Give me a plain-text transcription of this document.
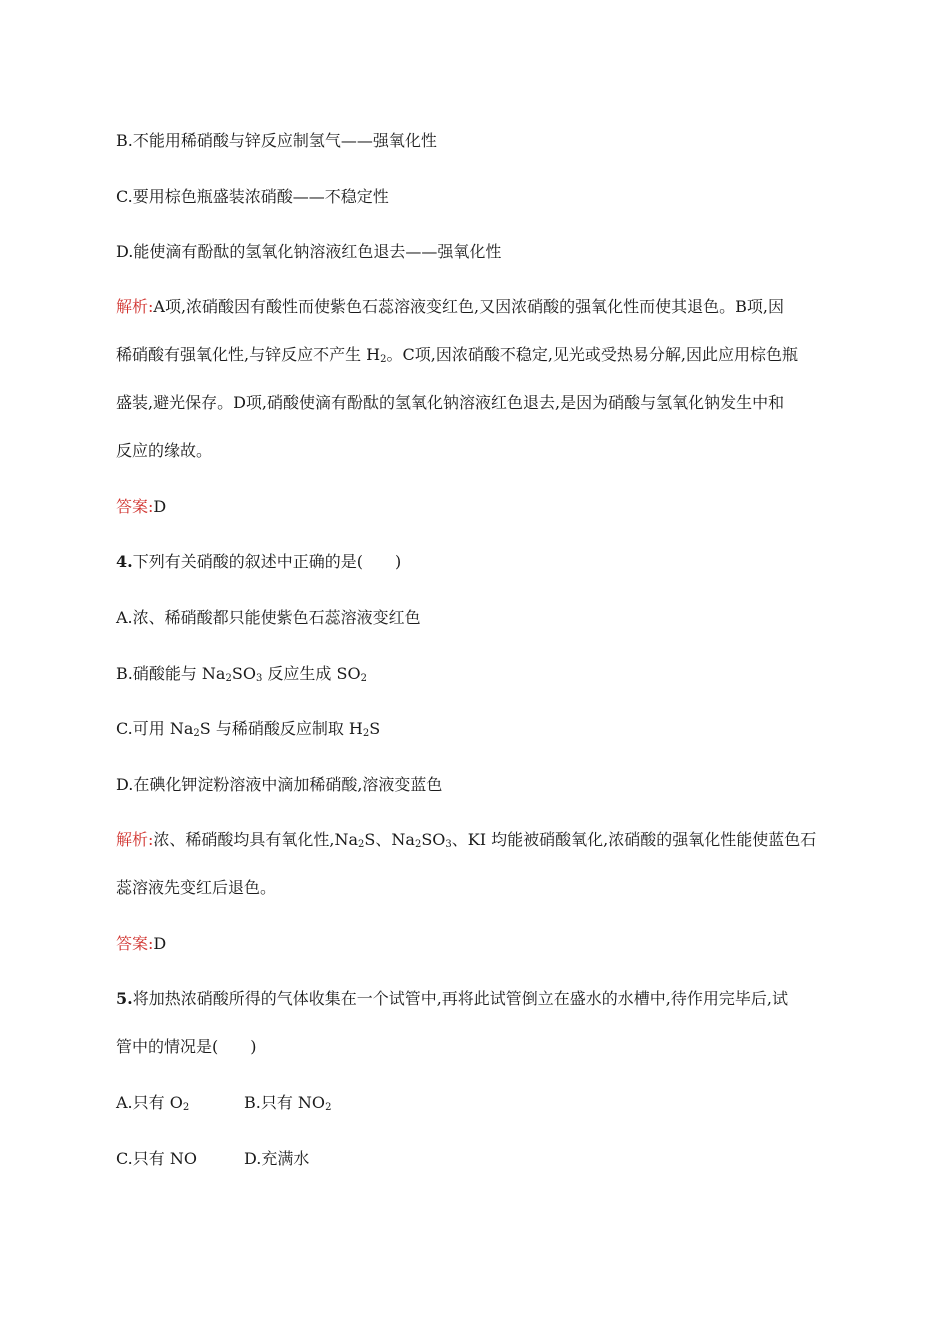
B.不能用稀硝酸与锌反应制氢气——强氧化性
C.要用棕色瓶盛装浓硝酸——不稳定性
D.能使滴有酚酞的氢氧化钠溶液红色退去——强氧化性
解析:A项,浓硝酸因有酸性而使紫色石蕊溶液变红色,又因浓硝酸的强氧化性而使其退色。B项,因
稀硝酸有强氧化性,与锌反应不产生 $H_2$。C项,因浓硝酸不稳定,见光或受热易分解,因此应用棕色瓶
盛装,避光保存。D项,硝酸使滴有酚酞的氢氧化钠溶液红色退去,是因为硝酸与氢氧化钠发生中和
反应的缘故。
答案:D
4.下列有关硝酸的叙述中正确的是(　　)
A.浓、稀硝酸都只能使紫色石蕊溶液变红色
B.硝酸能与 $Na_2SO_3$ 反应生成 $SO_2$
C.可用 $Na_2S$ 与稀硝酸反应制取 $H_2S$
D.在碘化钾淀粉溶液中滴加稀硝酸,溶液变蓝色
解析:浓、稀硝酸均具有氧化性$,Na_2S$、$Na_2SO_3$、KI 均能被硝酸氧化,浓硝酸的强氧化性能使蓝色石
蕊溶液先变红后退色。
答案:D
5.将加热浓硝酸所得的气体收集在一个试管中,再将此试管倒立在盛水的水槽中,待作用完毕后,试
管中的情况是(　　)
A.只有 $O_2$	B.只有 $NO_2$
C.只有 NO	D.充满水
